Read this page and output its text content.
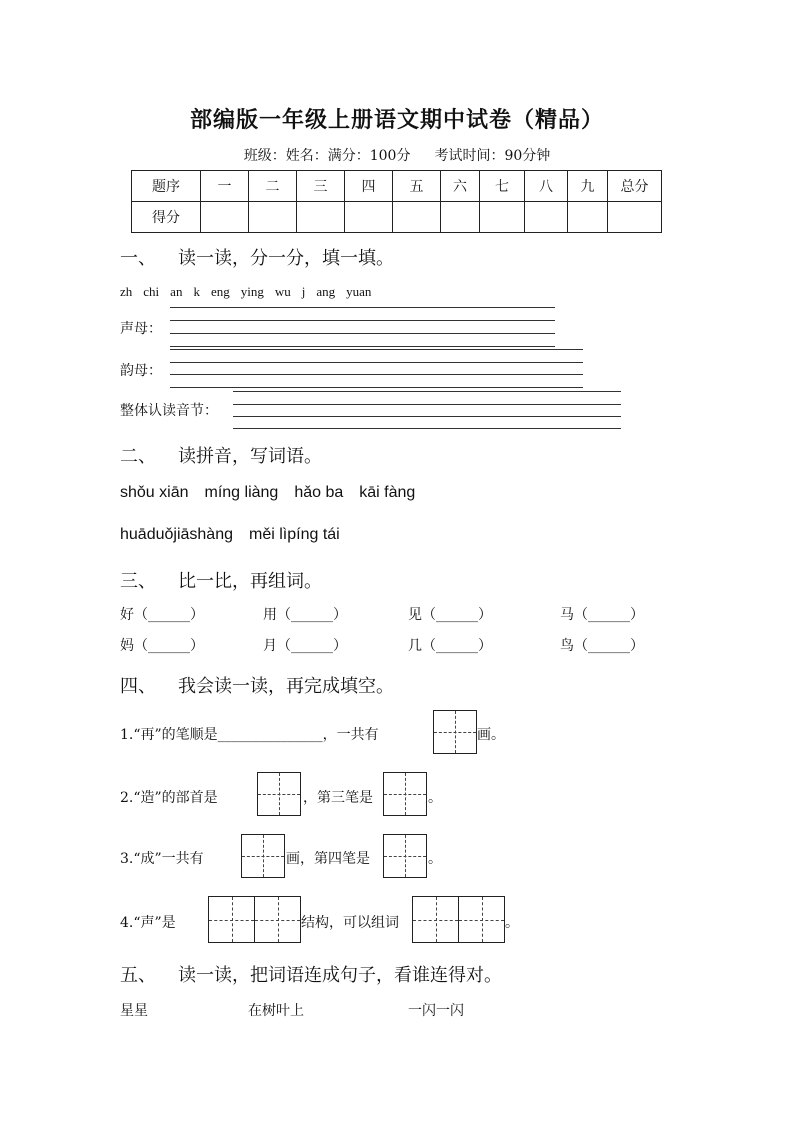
部编版一年级上册语文期中试卷（精品）
班级：姓名：满分：100分 考试时间：90分钟
题序	一	二	三	四	五	六	七	八	九	总分
得分										
一、 读一读，分一分，填一填。
zh chi an k eng ying wu j ang yuan
声母：
韵母：
整体认读音节：
二、 读拼音，写词语。
shǒu xiān míng liàng hǎo ba kāi fàng
huāduǒjiāshàng měi lìpíng tái
三、 比一比，再组词。
好（______）	用（______）	见（______）	马（______）
妈（______）	月（______）	几（______）	鸟（______）
四、 我会读一读，再完成填空。
1.“再”的笔顺是_______________，一共有	画。
2.“造”的部首是	，第三笔是	。
3.“成”一共有	画，第四笔是	。
4.“声”是	结构，可以组词	。
五、 读一读，把词语连成句子，看谁连得对。
星星	在树叶上	一闪一闪
